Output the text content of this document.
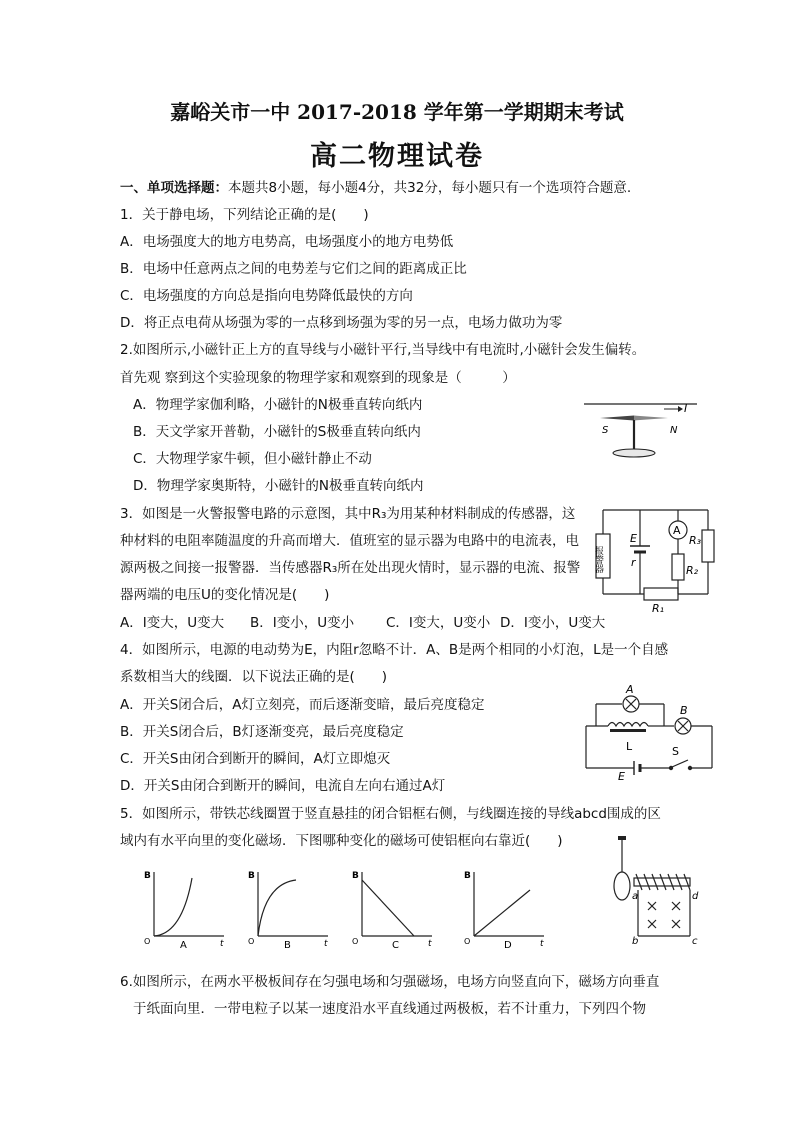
嘉峪关市一中 2017-2018 学年第一学期期末考试
高二物理试卷
一、单项选择题：本题共8小题，每小题4分，共32分，每小题只有一个选项符合题意.
1．关于静电场，下列结论正确的是(　　)
A．电场强度大的地方电势高，电场强度小的地方电势低
B．电场中任意两点之间的电势差与它们之间的距离成正比
C．电场强度的方向总是指向电势降低最快的方向
D．将正点电荷从场强为零的一点移到场强为零的另一点，电场力做功为零
2.如图所示,小磁针正上方的直导线与小磁针平行,当导线中有电流时,小磁针会发生偏转。
首先观 察到这个实验现象的物理学家和观察到的现象是（　　　）
A．物理学家伽利略，小磁针的N极垂直转向纸内
B．天文学家开普勒，小磁针的S极垂直转向纸内
C．大物理学家牛顿，但小磁针静止不动
D．物理学家奥斯特，小磁针的N极垂直转向纸内
I
S	N
3．如图是一火警报警电路的示意图，其中R₃为用某种材料制成的传感器，这
种材料的电阻率随温度的升高而增大．值班室的显示器为电路中的电流表，电
源两极之间接一报警器．当传感器R₃所在处出现火情时，显示器的电流、报警
器两端的电压U的变化情况是(　　)
A．I变大，U变大 B．I变小，U变小 C．I变大，U变小 D．I变小，U变大
报警器
E
r
A
R₁
R₂
R₃
4．如图所示，电源的电动势为E，内阻r忽略不计．A、B是两个相同的小灯泡，L是一个自感
系数相当大的线圈．以下说法正确的是(　　)
A．开关S闭合后，A灯立刻亮，而后逐渐变暗，最后亮度稳定
B．开关S闭合后，B灯逐渐变亮，最后亮度稳定
C．开关S由闭合到断开的瞬间，A灯立即熄灭
D．开关S由闭合到断开的瞬间，电流自左向右通过A灯
A
B
L	S
E
5．如图所示，带铁芯线圈置于竖直悬挂的闭合铝框右侧，与线圈连接的导线abcd围成的区
域内有水平向里的变化磁场．下图哪种变化的磁场可使铝框向右靠近(　　)
B
t
O	A
B
t
O	B
B
t
O	C
B
t
O	D
a
b	c
d
6.如图所示，在两水平极板间存在匀强电场和匀强磁场，电场方向竖直向下，磁场方向垂直
于纸面向里．一带电粒子以某一速度沿水平直线通过两极板，若不计重力，下列四个物
